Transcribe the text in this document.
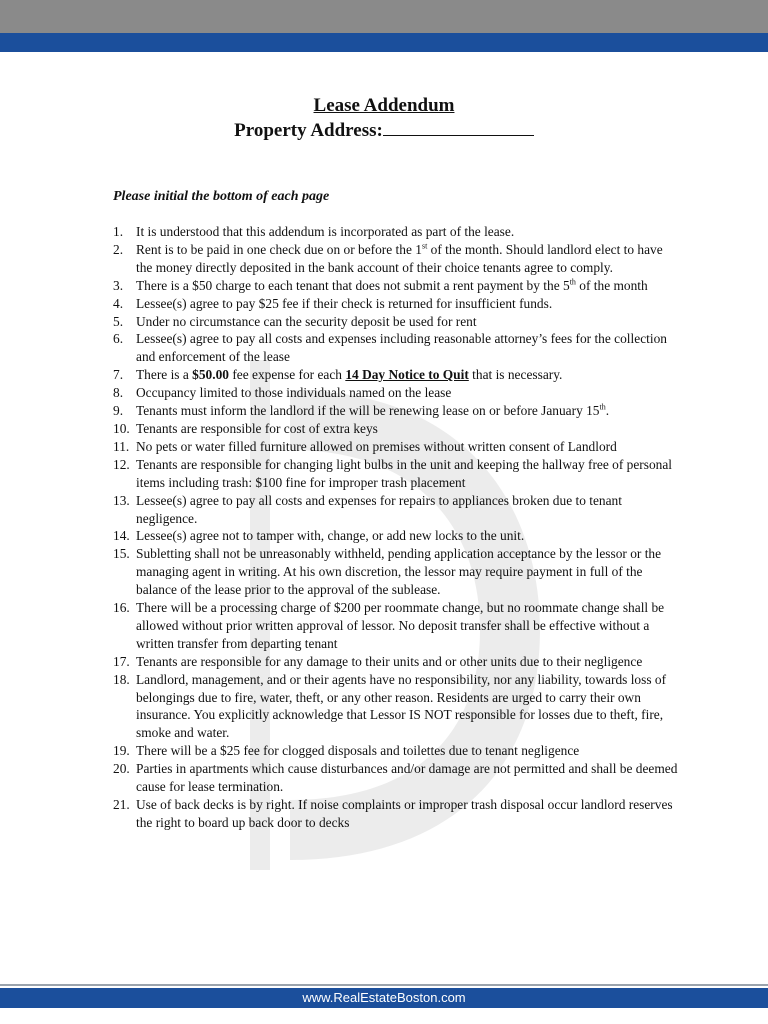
Lease Addendum
Property Address:
Please initial the bottom of each page
1. It is understood that this addendum is incorporated as part of the lease.
2. Rent is to be paid in one check due on or before the 1st of the month. Should landlord elect to have the money directly deposited in the bank account of their choice tenants agree to comply.
3. There is a $50 charge to each tenant that does not submit a rent payment by the 5th of the month
4. Lessee(s) agree to pay $25 fee if their check is returned for insufficient funds.
5. Under no circumstance can the security deposit be used for rent
6. Lessee(s) agree to pay all costs and expenses including reasonable attorney’s fees for the collection and enforcement of the lease
7. There is a $50.00 fee expense for each 14 Day Notice to Quit that is necessary.
8. Occupancy limited to those individuals named on the lease
9. Tenants must inform the landlord if the will be renewing lease on or before January 15th.
10. Tenants are responsible for cost of extra keys
11. No pets or water filled furniture allowed on premises without written consent of Landlord
12. Tenants are responsible for changing light bulbs in the unit and keeping the hallway free of personal items including trash: $100 fine for improper trash placement
13. Lessee(s) agree to pay all costs and expenses for repairs to appliances broken due to tenant negligence.
14. Lessee(s) agree not to tamper with, change, or add new locks to the unit.
15. Subletting shall not be unreasonably withheld, pending application acceptance by the lessor or the managing agent in writing. At his own discretion, the lessor may require payment in full of the balance of the lease prior to the approval of the sublease.
16. There will be a processing charge of $200 per roommate change, but no roommate change shall be allowed without prior written approval of lessor. No deposit transfer shall be effective without a written transfer from departing tenant
17. Tenants are responsible for any damage to their units and or other units due to their negligence
18. Landlord, management, and or their agents have no responsibility, nor any liability, towards loss of belongings due to fire, water, theft, or any other reason. Residents are urged to carry their own insurance. You explicitly acknowledge that Lessor IS NOT responsible for losses due to theft, fire, smoke and water.
19. There will be a $25 fee for clogged disposals and toilettes due to tenant negligence
20. Parties in apartments which cause disturbances and/or damage are not permitted and shall be deemed cause for lease termination.
21. Use of back decks is by right. If noise complaints or improper trash disposal occur landlord reserves the right to board up back door to decks
www.RealEstateBoston.com
